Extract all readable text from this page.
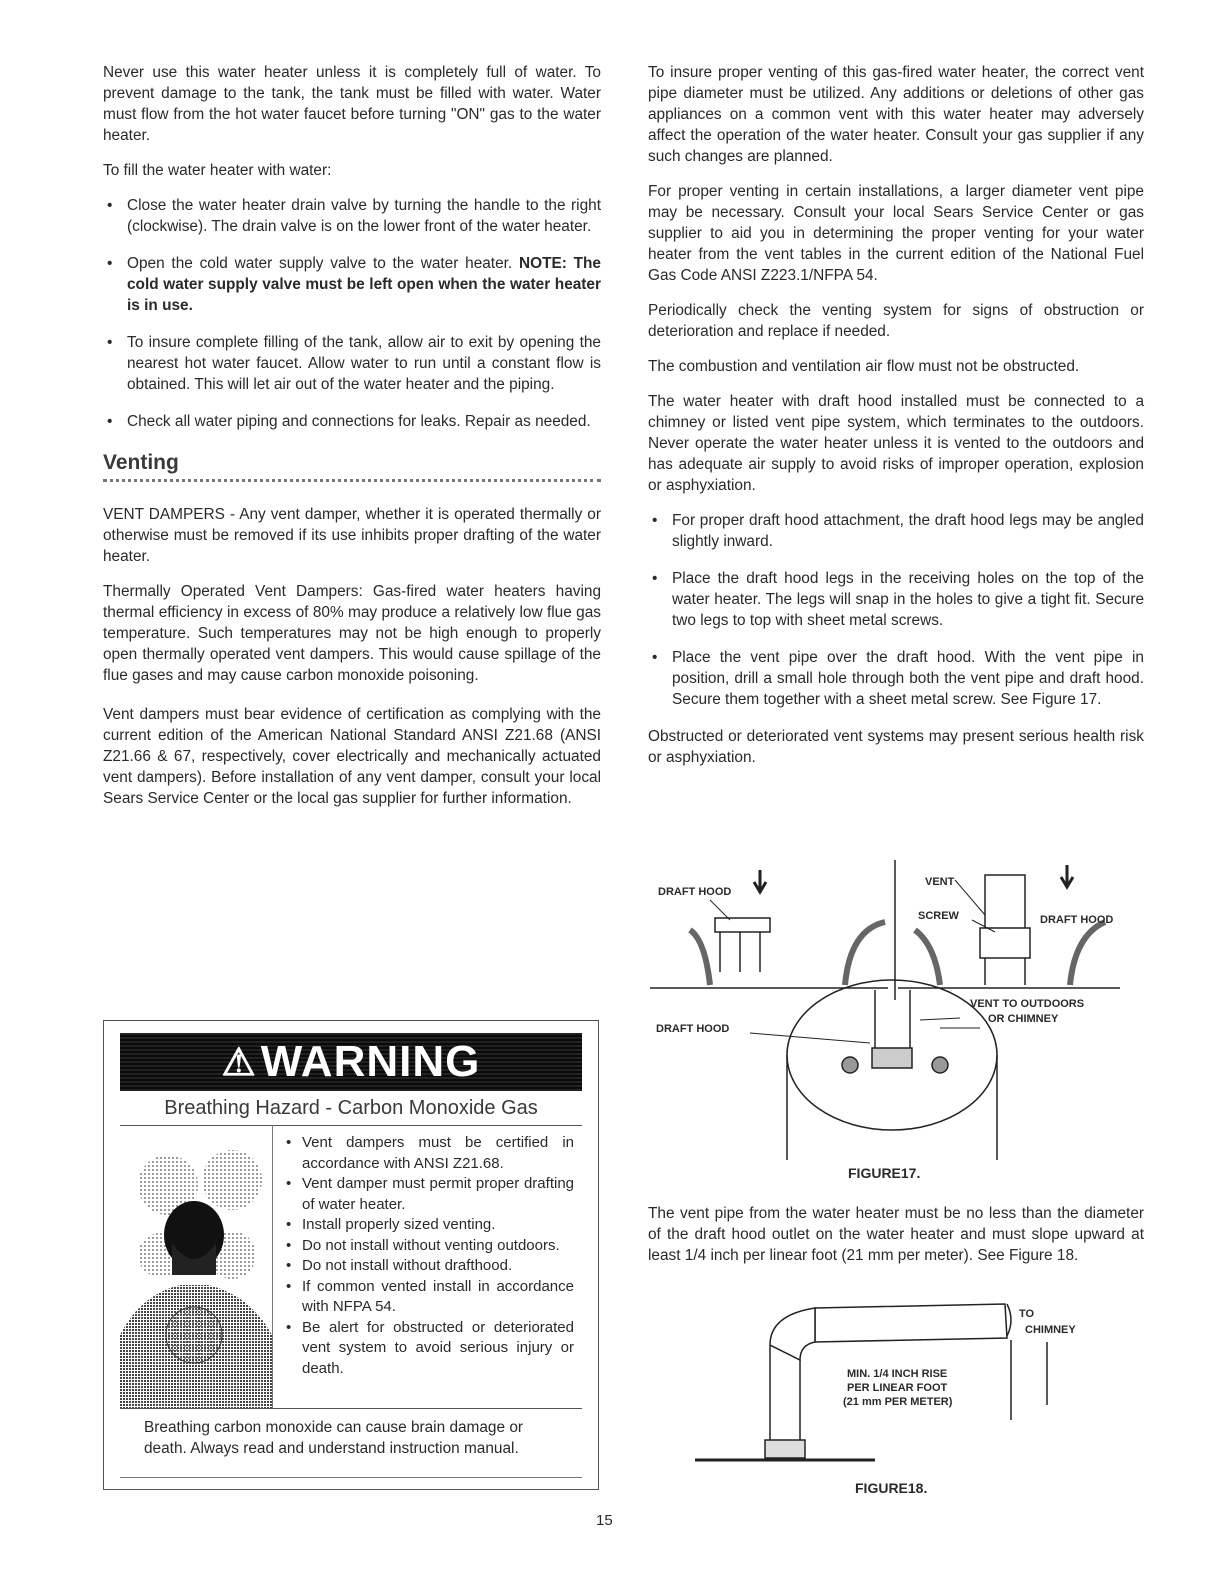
Never use this water heater unless it is completely full of water. To prevent damage to the tank, the tank must be filled with water. Water must flow from the hot water faucet before turning "ON" gas to the water heater.

To fill the water heater with water:

• Close the water heater drain valve by turning the handle to the right (clockwise). The drain valve is on the lower front of the water heater.
• Open the cold water supply valve to the water heater. NOTE: The cold water supply valve must be left open when the water heater is in use.
• To insure complete filling of the tank, allow air to exit by opening the nearest hot water faucet. Allow water to run until a constant flow is obtained. This will let air out of the water heater and the piping.
• Check all water piping and connections for leaks. Repair as needed.
Venting

VENT DAMPERS - Any vent damper, whether it is operated thermally or otherwise must be removed if its use inhibits proper drafting of the water heater.

Thermally Operated Vent Dampers: Gas-fired water heaters having thermal efficiency in excess of 80% may produce a relatively low flue gas temperature. Such temperatures may not be high enough to properly open thermally operated vent dampers. This would cause spillage of the flue gases and may cause carbon monoxide poisoning.

Vent dampers must bear evidence of certification as complying with the current edition of the American National Standard ANSI Z21.68 (ANSI Z21.66 & 67, respectively, cover electrically and mechanically actuated vent dampers). Before installation of any vent damper, consult your local Sears Service Center or the local gas supplier for further information.

⚠ WARNING
Breathing Hazard - Carbon Monoxide Gas
• Vent dampers must be certified in accordance with ANSI Z21.68.
• Vent damper must permit proper drafting of water heater.
• Install properly sized venting.
• Do not install without venting outdoors.
• Do not install without drafthood.
• If common vented install in accordance with NFPA 54.
• Be alert for obstructed or deteriorated vent system to avoid serious injury or death.
Breathing carbon monoxide can cause brain damage or death. Always read and understand instruction manual.

To insure proper venting of this gas-fired water heater, the correct vent pipe diameter must be utilized. Any additions or deletions of other gas appliances on a common vent with this water heater may adversely affect the operation of the water heater. Consult your gas supplier if any such changes are planned.

For proper venting in certain installations, a larger diameter vent pipe may be necessary. Consult your local Sears Service Center or gas supplier to aid you in determining the proper venting for your water heater from the vent tables in the current edition of the National Fuel Gas Code ANSI Z223.1/NFPA 54.

Periodically check the venting system for signs of obstruction or deterioration and replace if needed.

The combustion and ventilation air flow must not be obstructed.

The water heater with draft hood installed must be connected to a chimney or listed vent pipe system, which terminates to the outdoors. Never operate the water heater unless it is vented to the outdoors and has adequate air supply to avoid risks of improper operation, explosion or asphyxiation.

• For proper draft hood attachment, the draft hood legs may be angled slightly inward.
• Place the draft hood legs in the receiving holes on the top of the water heater. The legs will snap in the holes to give a tight fit. Secure two legs to top with sheet metal screws.
• Place the vent pipe over the draft hood. With the vent pipe in position, drill a small hole through both the vent pipe and draft hood. Secure them together with a sheet metal screw. See Figure 17.

Obstructed or deteriorated vent systems may present serious health risk or asphyxiation.

DRAFT HOOD
VENT
SCREW	DRAFT HOOD
VENT TO OUTDOORS
OR CHIMNEY
DRAFT HOOD
FIGURE17.

The vent pipe from the water heater must be no less than the diameter of the draft hood outlet on the water heater and must slope upward at least 1/4 inch per linear foot (21 mm per meter). See Figure 18.

TO
CHIMNEY
MIN. 1/4 INCH RISE
PER LINEAR FOOT
(21 mm PER METER)
FIGURE18.
15
